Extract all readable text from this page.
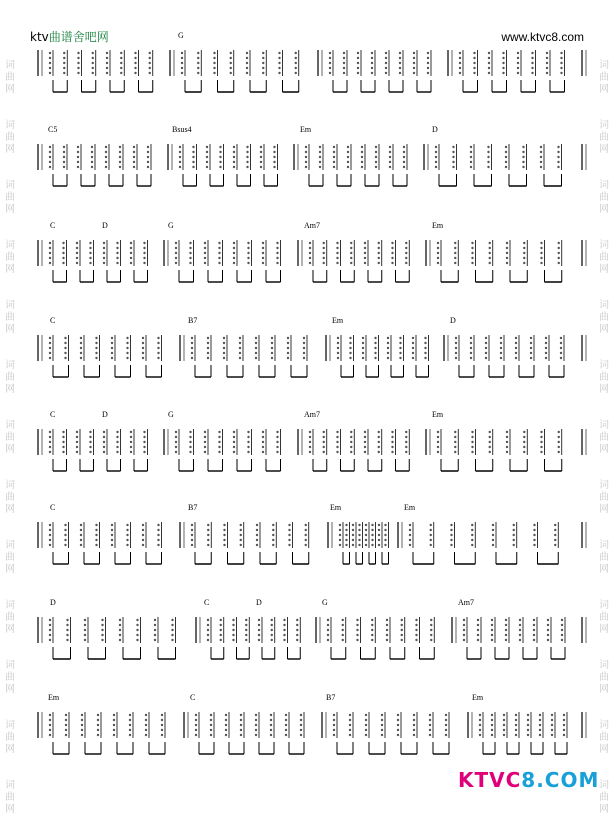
ktv曲谱舍吧网	www.ktvc8.com
词
曲
网
词
曲
网
词
曲
网
词
曲
网
词
曲
网
词
曲
网
词
曲
网
词
曲
网
词
曲
网
词
曲
网
词
曲
网
词
曲
网
词
曲
网
词
曲
网
词
曲
网
词
曲
网
词
曲
网
词
曲
网
词
曲
网
词
曲
网
词
曲
网
词
曲
网
词
曲
网
词
曲
网
词
曲
网
词
曲
网
G
C5	Bsus4	Em	D
C	D	G	Am7	Em
C	B7	Em	D
C	D	G	Am7	Em
C	B7	Em	Em
D	C	D	G	Am7
Em	C	B7	Em
KTVC8.COM
